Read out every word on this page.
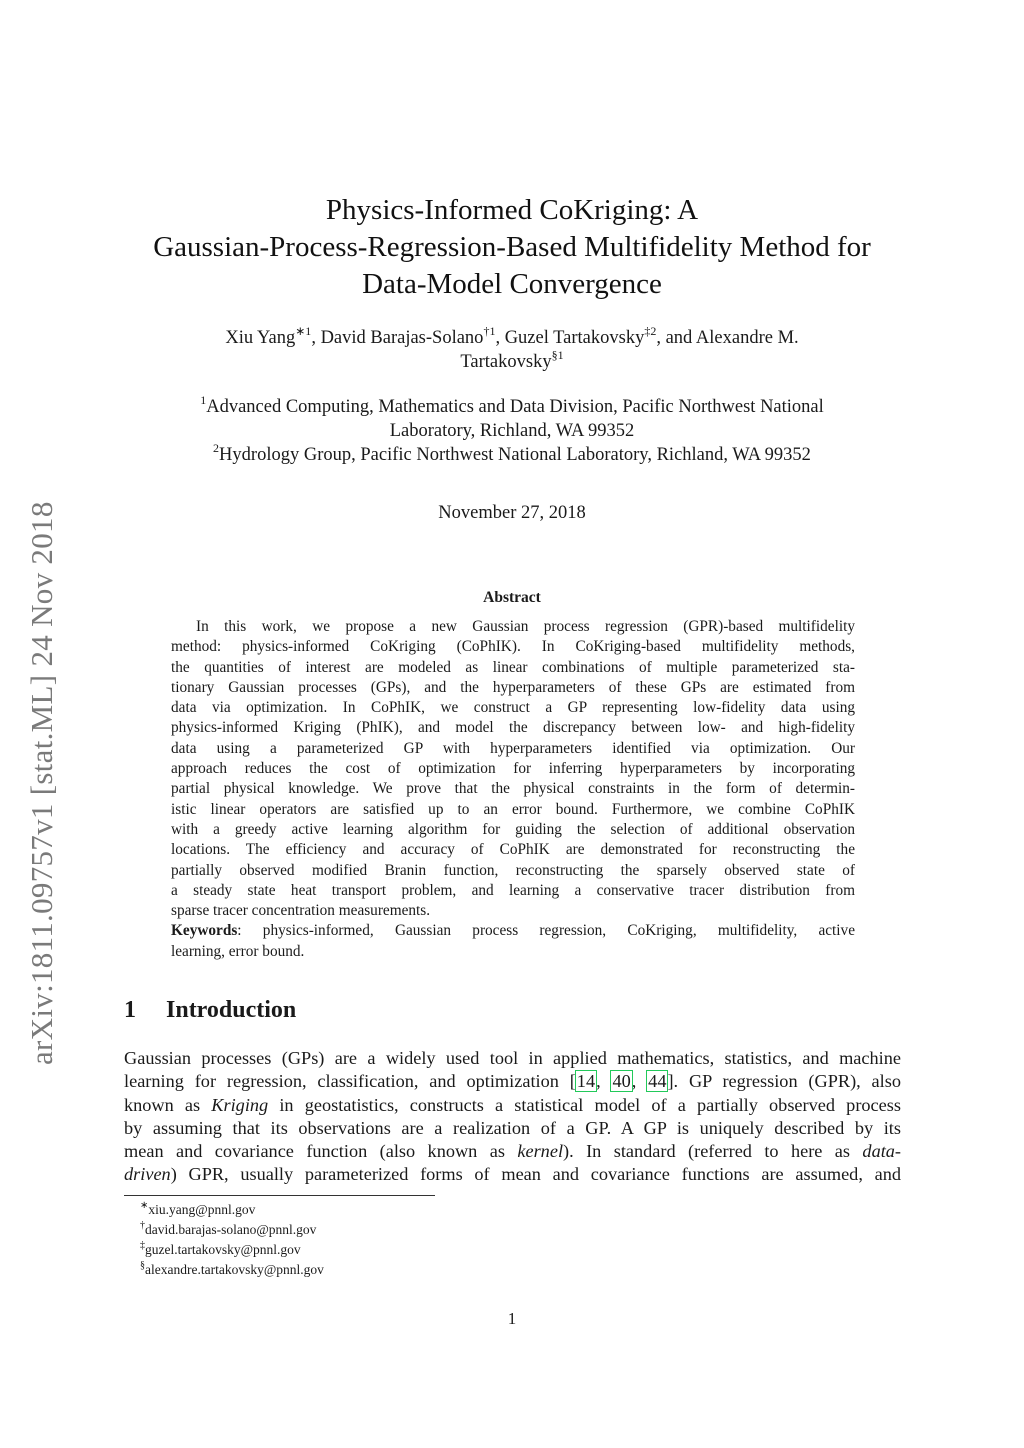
arXiv:1811.09757v1 [stat.ML] 24 Nov 2018
Physics-Informed CoKriging: A
Gaussian-Process-Regression-Based Multifidelity Method for
Data-Model Convergence
Xiu Yang$^{∗1}$, David Barajas-Solano$^{\dagger 1}$, Guzel Tartakovsky$^{\ddagger 2}$, and Alexandre M.
Tartakovsky$^{\S 1}$
$^1$Advanced Computing, Mathematics and Data Division, Pacific Northwest National
Laboratory, Richland, WA 99352
$^2$Hydrology Group, Pacific Northwest National Laboratory, Richland, WA 99352
November 27, 2018
Abstract
In this work, we propose a new Gaussian process regression (GPR)-based multifidelity
method: physics-informed CoKriging (CoPhIK). In CoKriging-based multifidelity methods,
the quantities of interest are modeled as linear combinations of multiple parameterized sta-
tionary Gaussian processes (GPs), and the hyperparameters of these GPs are estimated from
data via optimization. In CoPhIK, we construct a GP representing low-fidelity data using
physics-informed Kriging (PhIK), and model the discrepancy between low- and high-fidelity
data using a parameterized GP with hyperparameters identified via optimization. Our
approach reduces the cost of optimization for inferring hyperparameters by incorporating
partial physical knowledge. We prove that the physical constraints in the form of determin-
istic linear operators are satisfied up to an error bound. Furthermore, we combine CoPhIK
with a greedy active learning algorithm for guiding the selection of additional observation
locations. The efficiency and accuracy of CoPhIK are demonstrated for reconstructing the
partially observed modified Branin function, reconstructing the sparsely observed state of
a steady state heat transport problem, and learning a conservative tracer distribution from
sparse tracer concentration measurements.
Keywords: physics-informed, Gaussian process regression, CoKriging, multifidelity, active
learning, error bound.
1 Introduction
Gaussian processes (GPs) are a widely used tool in applied mathematics, statistics, and machine
learning for regression, classification, and optimization [14, 40, 44]. GP regression (GPR), also
known as Kriging in geostatistics, constructs a statistical model of a partially observed process
by assuming that its observations are a realization of a GP. A GP is uniquely described by its
mean and covariance function (also known as kernel). In standard (referred to here as data-
driven) GPR, usually parameterized forms of mean and covariance functions are assumed, and
∗xiu.yang@pnnl.gov
†david.barajas-solano@pnnl.gov
‡guzel.tartakovsky@pnnl.gov
§alexandre.tartakovsky@pnnl.gov
1
